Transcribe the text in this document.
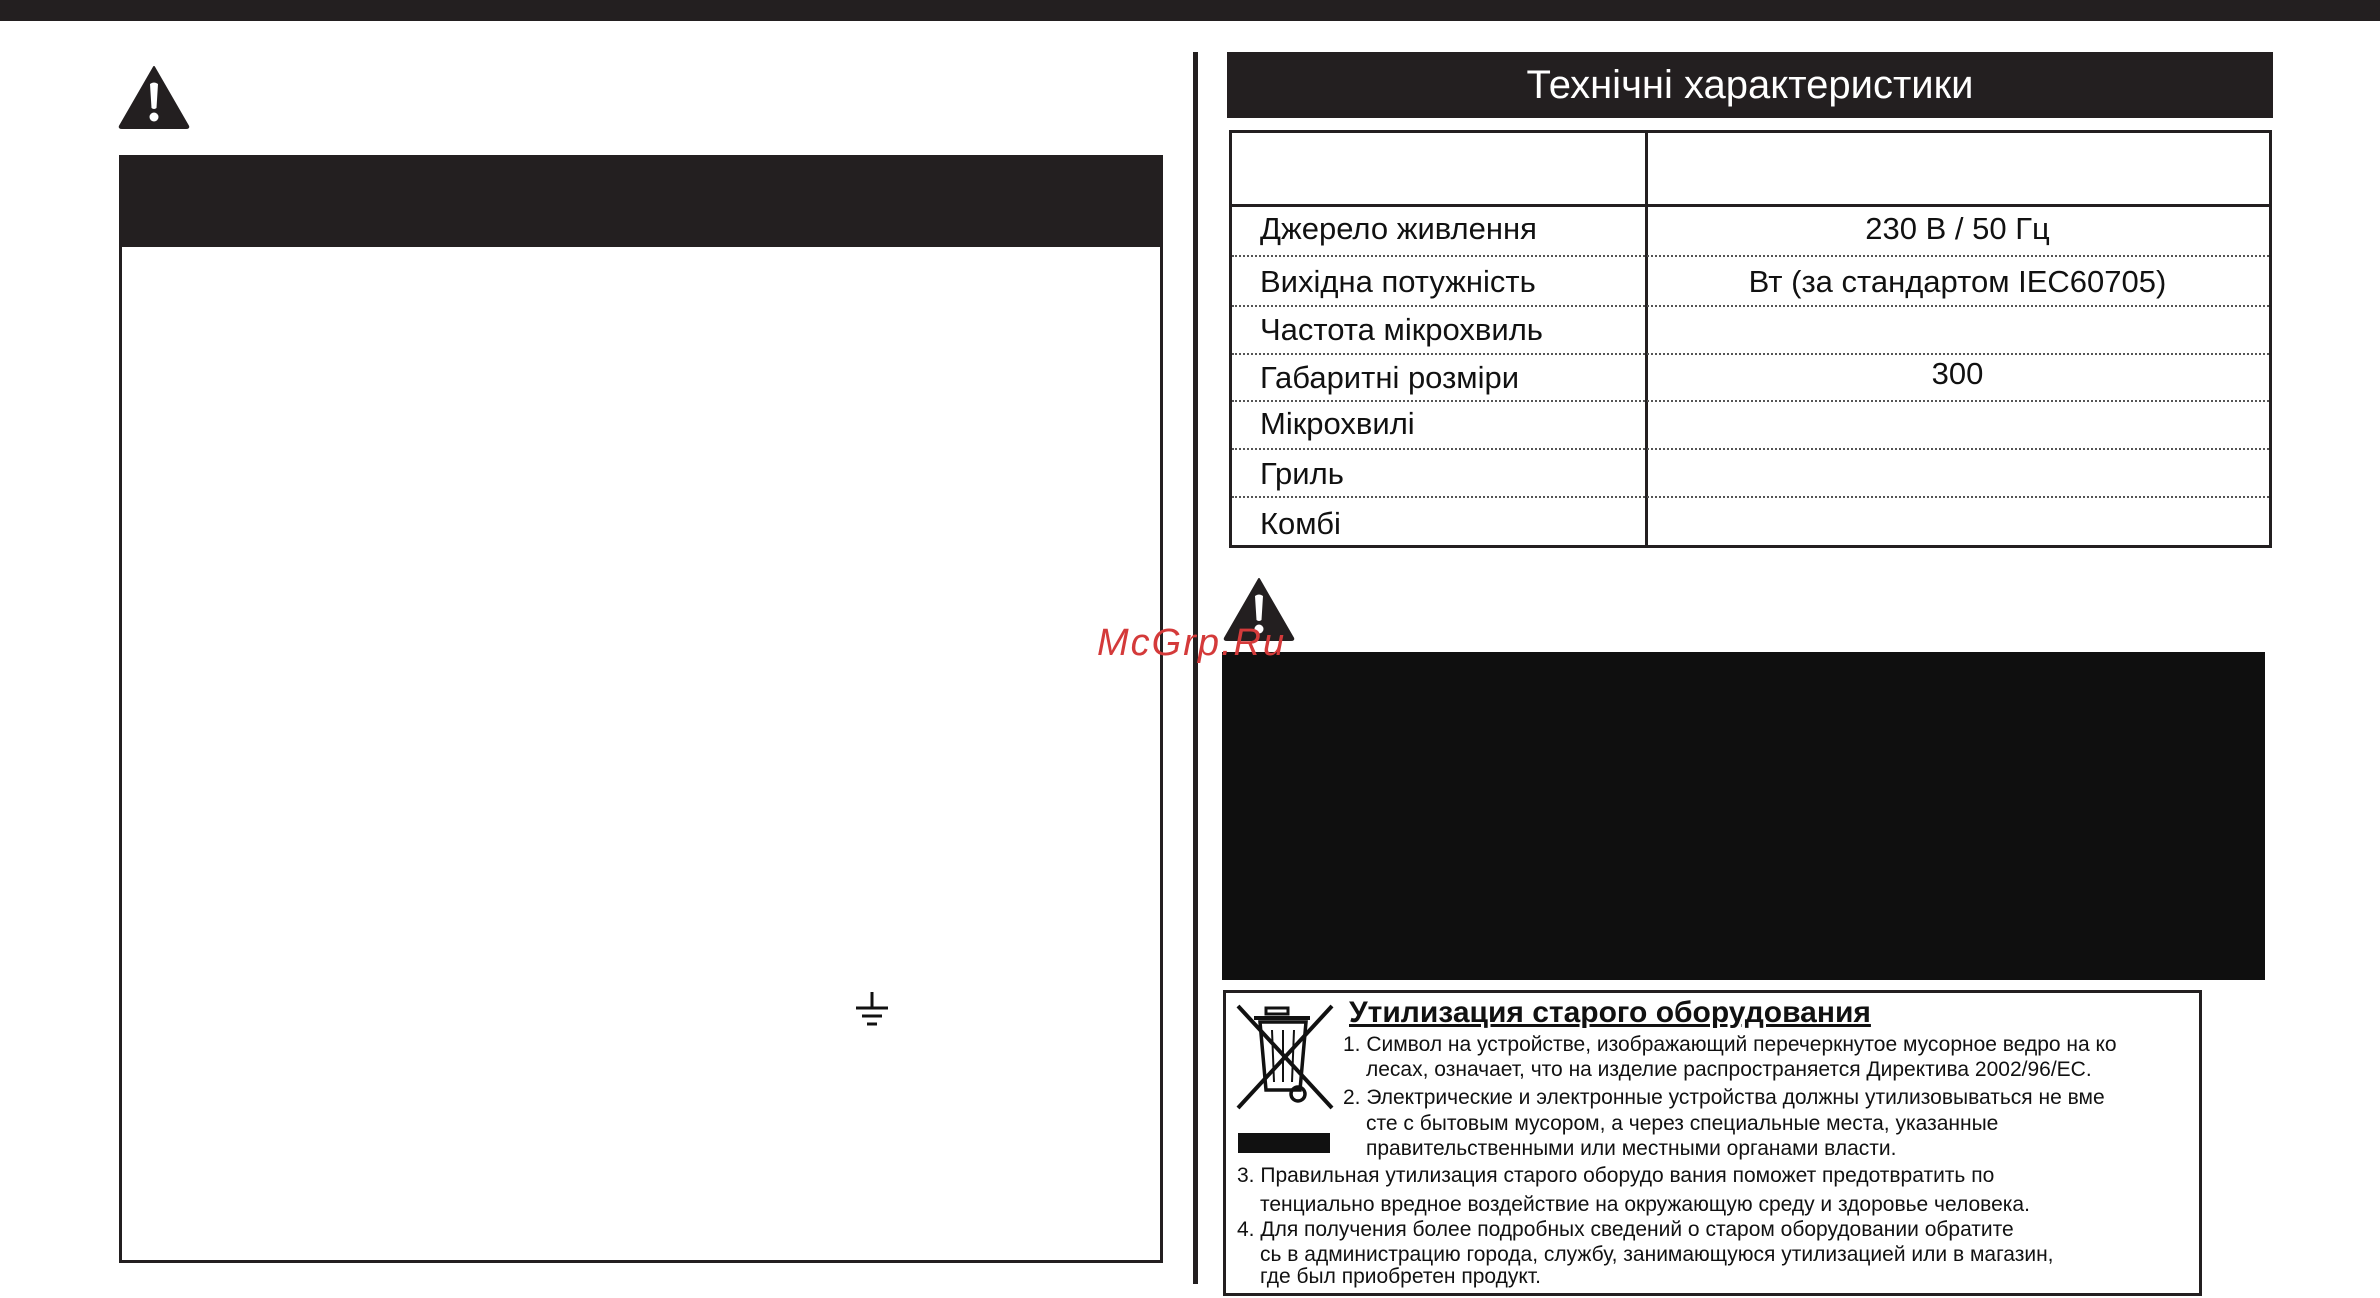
Технічні характеристики
Джерело живлення	230 В / 50 Гц
Вихідна потужність	Вт (за стандартом IEC60705)
Частота мікрохвиль
Габаритні розміри	300
Мікрохвилі
Гриль
Комбі
McGrp.Ru
Утилизация старого оборудования
1. Символ на устройстве, изображающий перечеркнутое мусорное ведро на ко
лесах, означает, что на изделие распространяется Директива 2002/96/EC.
2. Электрические и электронные устройства должны утилизовываться не вме
сте с бытовым мусором, а через специальные места, указанные
правительственными или местными органами власти.
3. Правильная утилизация старого оборудо вания поможет предотвратить по
тенциально вредное воздействие на окружающую среду и здоровье человека.
4. Для получения более подробных сведений о старом оборудовании обратите
сь в администрацию города, службу, занимающуюся утилизацией или в магазин,
где был приобретен продукт.
